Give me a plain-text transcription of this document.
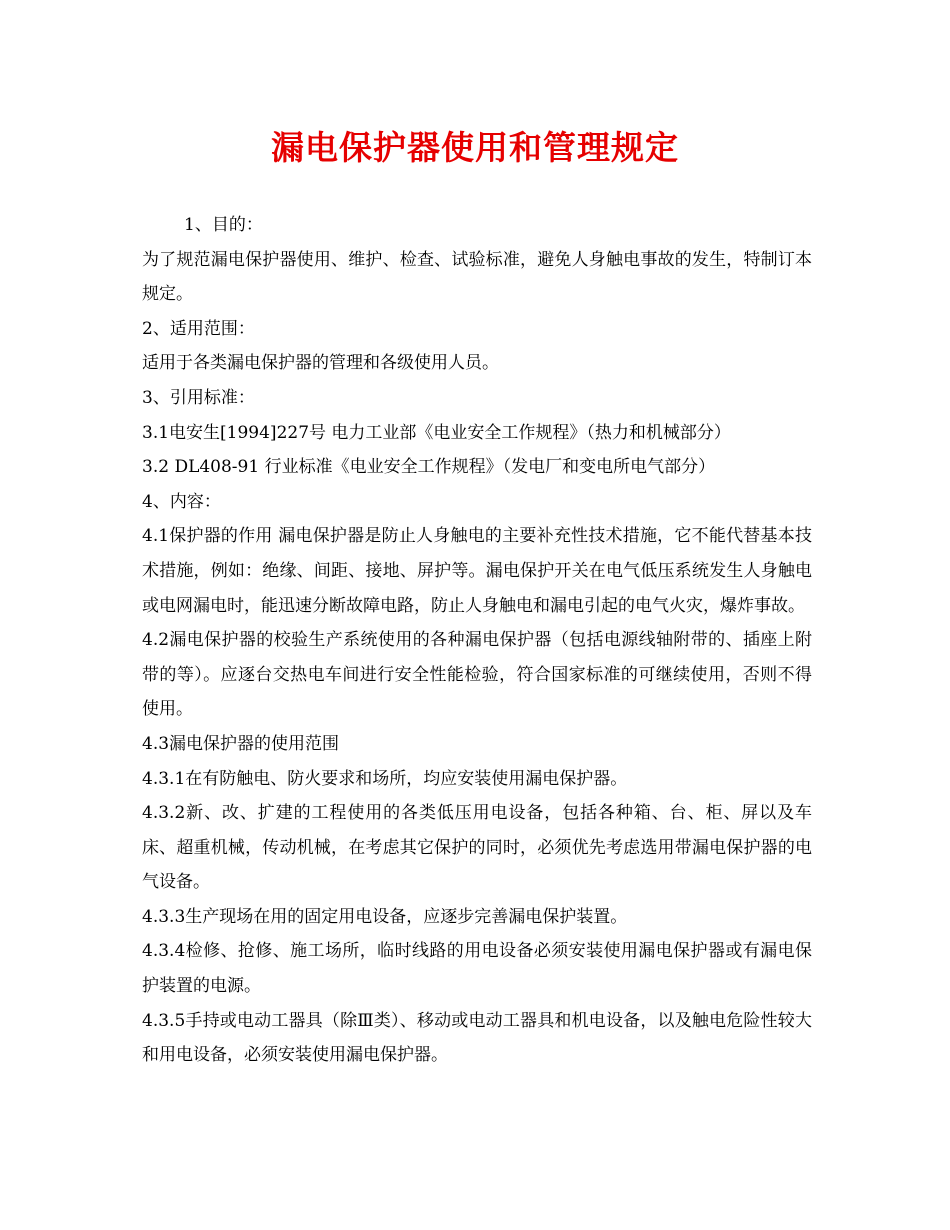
漏电保护器使用和管理规定

1、目的：

为了规范漏电保护器使用、维护、检查、试验标准，避免人身触电事故的发生，特制订本规定。

2、适用范围：

适用于各类漏电保护器的管理和各级使用人员。

3、引用标准：

3.1电安生[1994]227号 电力工业部《电业安全工作规程》（热力和机械部分）

3.2 DL408-91 行业标准《电业安全工作规程》（发电厂和变电所电气部分）

4、内容：

4.1保护器的作用 漏电保护器是防止人身触电的主要补充性技术措施，它不能代替基本技术措施，例如：绝缘、间距、接地、屏护等。漏电保护开关在电气低压系统发生人身触电或电网漏电时，能迅速分断故障电路，防止人身触电和漏电引起的电气火灾，爆炸事故。

4.2漏电保护器的校验生产系统使用的各种漏电保护器（包括电源线轴附带的、插座上附带的等）。应逐台交热电车间进行安全性能检验，符合国家标准的可继续使用，否则不得使用。

4.3漏电保护器的使用范围

4.3.1在有防触电、防火要求和场所，均应安装使用漏电保护器。

4.3.2新、改、扩建的工程使用的各类低压用电设备，包括各种箱、台、柜、屏以及车床、超重机械，传动机械，在考虑其它保护的同时，必须优先考虑选用带漏电保护器的电气设备。

4.3.3生产现场在用的固定用电设备，应逐步完善漏电保护装置。

4.3.4检修、抢修、施工场所，临时线路的用电设备必须安装使用漏电保护器或有漏电保护装置的电源。

4.3.5手持或电动工器具（除Ⅲ类）、移动或电动工器具和机电设备，以及触电危险性较大和用电设备，必须安装使用漏电保护器。
